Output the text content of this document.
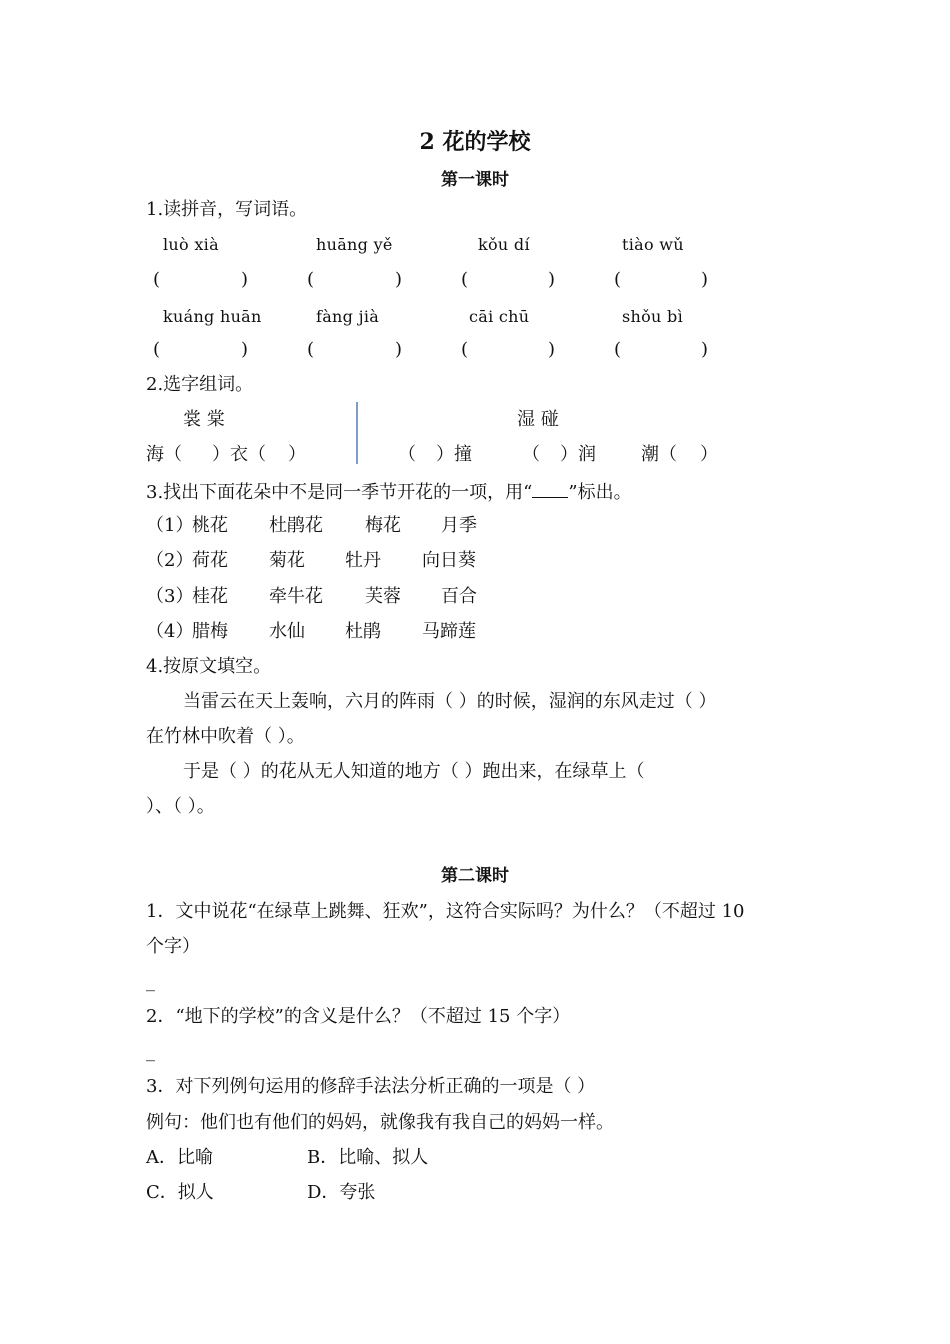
2 花的学校
第一课时
1.读拼音，写词语。
luò xià	huāng yě	kǒu dí	tiào wǔ
(	)	(	)	(	)	(	)
kuáng huān	fàng jià	cāi chū	shǒu bì
(	)	(	)	(	)	(	)
2.选字组词。
裳 棠	湿 碰
海（ ）衣（ ）	（ ）撞	（ ）润	潮（ ）
3.找出下面花朵中不是同一季节开花的一项，用“ ”标出。
（1）
桃花 杜鹃花 梅花 月季
（2）
荷花 菊花 牡丹 向日葵
（3）
桂花 牵牛花 芙蓉 百合
（4）
腊梅 水仙 杜鹃 马蹄莲
4.按原文填空。
当雷云在天上轰响，六月的阵雨（ ）的时候，湿润的东风走过（ ）
在竹林中吹着（ ）。
于是（ ）的花从无人知道的地方（ ）跑出来，在绿草上（
）、（ ）。
第二课时
1．文中说花“在绿草上跳舞、狂欢”，这符合实际吗？为什么？（不超过 10
个字）
_
2．“地下的学校”的含义是什么？（不超过 15 个字）
_
3．对下列例句运用的修辞手法法分析正确的一项是（ ）
例句：他们也有他们的妈妈，就像我有我自己的妈妈一样。
A．比喻	B．比喻、拟人
C．拟人	D．夸张
